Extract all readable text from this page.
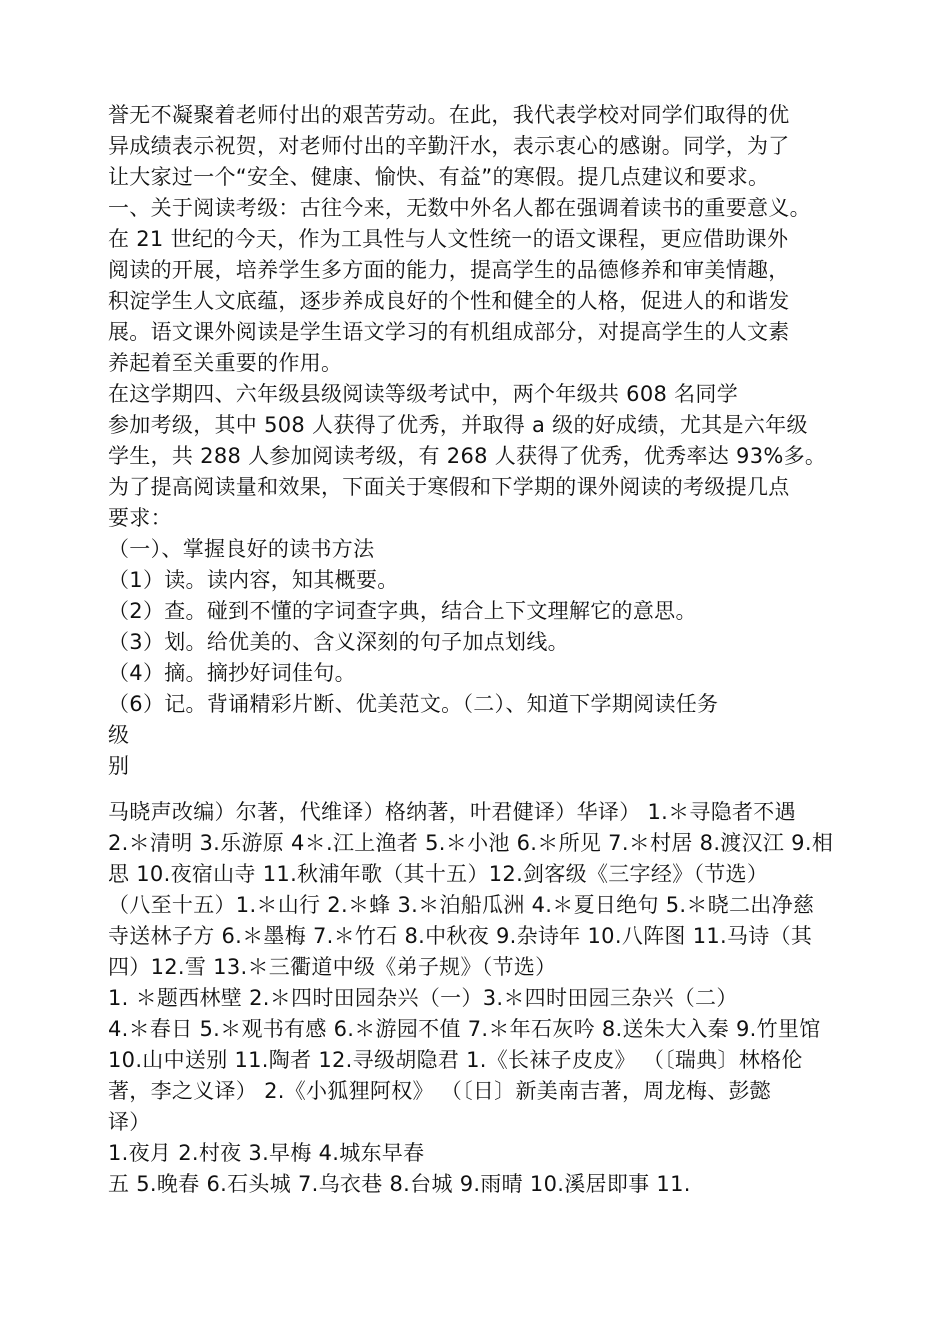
誉无不凝聚着老师付出的艰苦劳动。在此，我代表学校对同学们取得的优
异成绩表示祝贺，对老师付出的辛勤汗水，表示衷心的感谢。同学，为了
让大家过一个“安全、健康、愉快、有益”的寒假。提几点建议和要求。
一、关于阅读考级：古往今来，无数中外名人都在强调着读书的重要意义。
在 21 世纪的今天，作为工具性与人文性统一的语文课程，更应借助课外
阅读的开展，培养学生多方面的能力，提高学生的品德修养和审美情趣，
积淀学生人文底蕴，逐步养成良好的个性和健全的人格，促进人的和谐发
展。语文课外阅读是学生语文学习的有机组成部分，对提高学生的人文素
养起着至关重要的作用。
在这学期四、六年级县级阅读等级考试中，两个年级共 608 名同学
参加考级，其中 508 人获得了优秀，并取得 a 级的好成绩，尤其是六年级
学生，共 288 人参加阅读考级，有 268 人获得了优秀，优秀率达 93%多。
为了提高阅读量和效果，下面关于寒假和下学期的课外阅读的考级提几点
要求：
（一）、掌握良好的读书方法
（1）读。读内容，知其概要。
（2）查。碰到不懂的字词查字典，结合上下文理解它的意思。
（3）划。给优美的、含义深刻的句子加点划线。
（4）摘。摘抄好词佳句。
（6）记。背诵精彩片断、优美范文。（二）、知道下学期阅读任务
级
别
马晓声改编）尔著，代维译）格纳著，叶君健译）华译） 1.＊寻隐者不遇
2.＊清明 3.乐游原 4＊.江上渔者 5.＊小池 6.＊所见 7.＊村居 8.渡汉江 9.相
思 10.夜宿山寺 11.秋浦年歌（其十五）12.剑客级《三字经》（节选）
（八至十五）1.＊山行 2.＊蜂 3.＊泊船瓜洲 4.＊夏日绝句 5.＊晓二出净慈
寺送林子方 6.＊墨梅 7.＊竹石 8.中秋夜 9.杂诗年 10.八阵图 11.马诗（其
四）12.雪 13.＊三衢道中级《弟子规》（节选）
1. ＊题西林壁 2.＊四时田园杂兴（一）3.＊四时田园三杂兴（二）
4.＊春日 5.＊观书有感 6.＊游园不值 7.＊年石灰吟 8.送朱大入秦 9.竹里馆
10.山中送别 11.陶者 12.寻级胡隐君 1.《长袜子皮皮》 （〔瑞典〕林格伦
著，李之义译） 2.《小狐狸阿权》 （〔日〕新美南吉著，周龙梅、彭懿
译）
1.夜月 2.村夜 3.早梅 4.城东早春
五 5.晚春 6.石头城 7.乌衣巷 8.台城 9.雨晴 10.溪居即事 11.
